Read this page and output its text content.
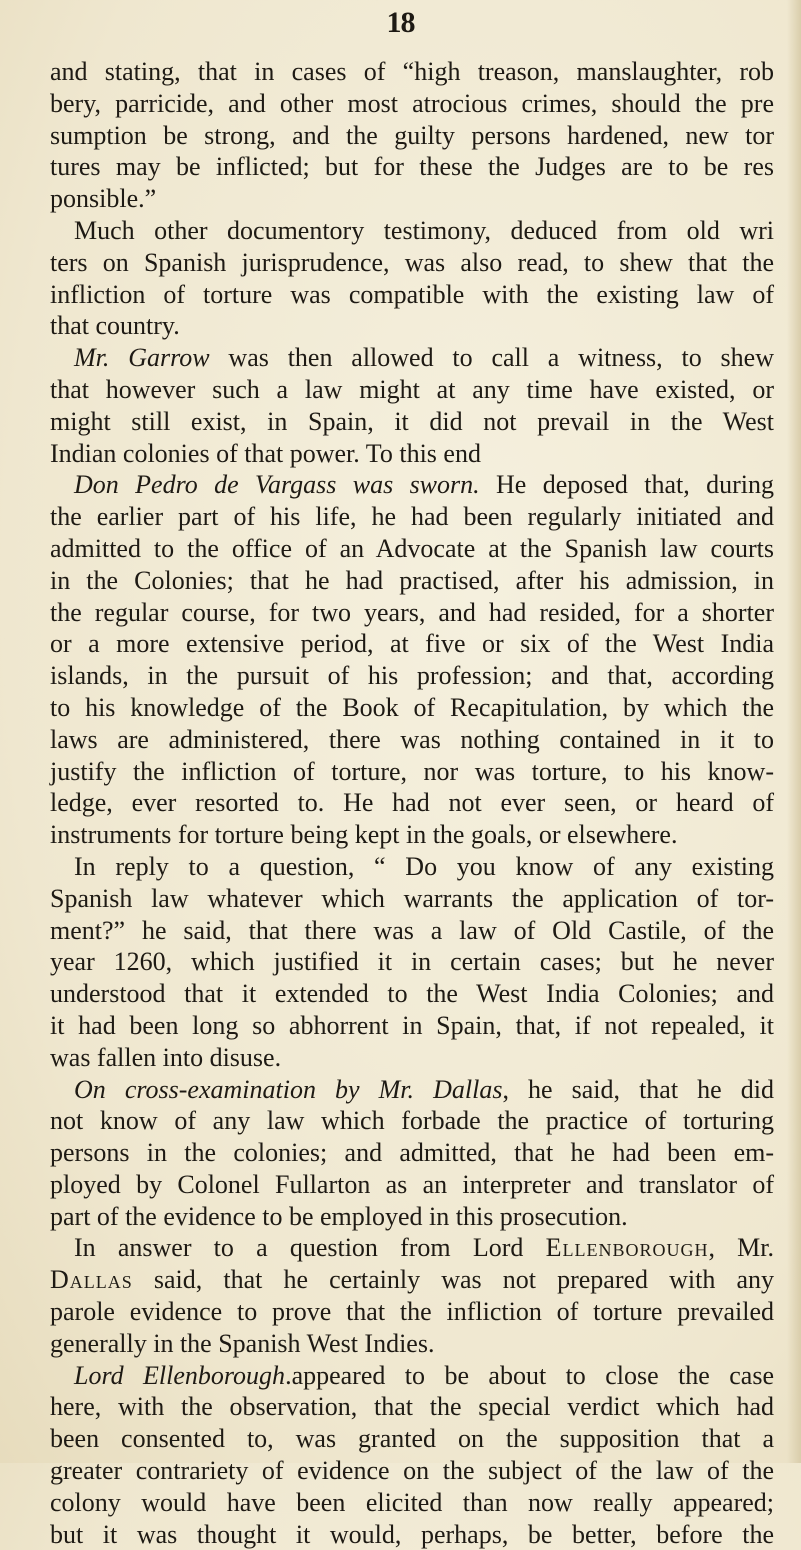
18
and stating, that in cases of “high treason, manslaughter, rob
bery, parricide, and other most atrocious crimes, should the pre
sumption be strong, and the guilty persons hardened, new tor
tures may be inflicted; but for these the Judges are to be res
ponsible.”
Much other documentory testimony, deduced from old wri
ters on Spanish jurisprudence, was also read, to shew that the
infliction of torture was compatible with the existing law of
that country.
Mr. Garrow was then allowed to call a witness, to shew
that however such a law might at any time have existed, or
might still exist, in Spain, it did not prevail in the West
Indian colonies of that power. To this end
Don Pedro de Vargass was sworn. He deposed that, during
the earlier part of his life, he had been regularly initiated and
admitted to the office of an Advocate at the Spanish law courts
in the Colonies; that he had practised, after his admission, in
the regular course, for two years, and had resided, for a shorter
or a more extensive period, at five or six of the West India
islands, in the pursuit of his profession; and that, according
to his knowledge of the Book of Recapitulation, by which the
laws are administered, there was nothing contained in it to
justify the infliction of torture, nor was torture, to his know-
ledge, ever resorted to. He had not ever seen, or heard of
instruments for torture being kept in the goals, or elsewhere.
In reply to a question, “ Do you know of any existing
Spanish law whatever which warrants the application of tor-
ment?” he said, that there was a law of Old Castile, of the
year 1260, which justified it in certain cases; but he never
understood that it extended to the West India Colonies; and
it had been long so abhorrent in Spain, that, if not repealed, it
was fallen into disuse.
On cross-examination by Mr. Dallas, he said, that he did
not know of any law which forbade the practice of torturing
persons in the colonies; and admitted, that he had been em-
ployed by Colonel Fullarton as an interpreter and translator of
part of the evidence to be employed in this prosecution.
In answer to a question from Lord Ellenborough, Mr.
Dallas said, that he certainly was not prepared with any
parole evidence to prove that the infliction of torture prevailed
generally in the Spanish West Indies.
Lord Ellenborough.appeared to be about to close the case
here, with the observation, that the special verdict which had
been consented to, was granted on the supposition that a
greater contrariety of evidence on the subject of the law of the
colony would have been elicited than now really appeared;
but it was thought it would, perhaps, be better, before the
